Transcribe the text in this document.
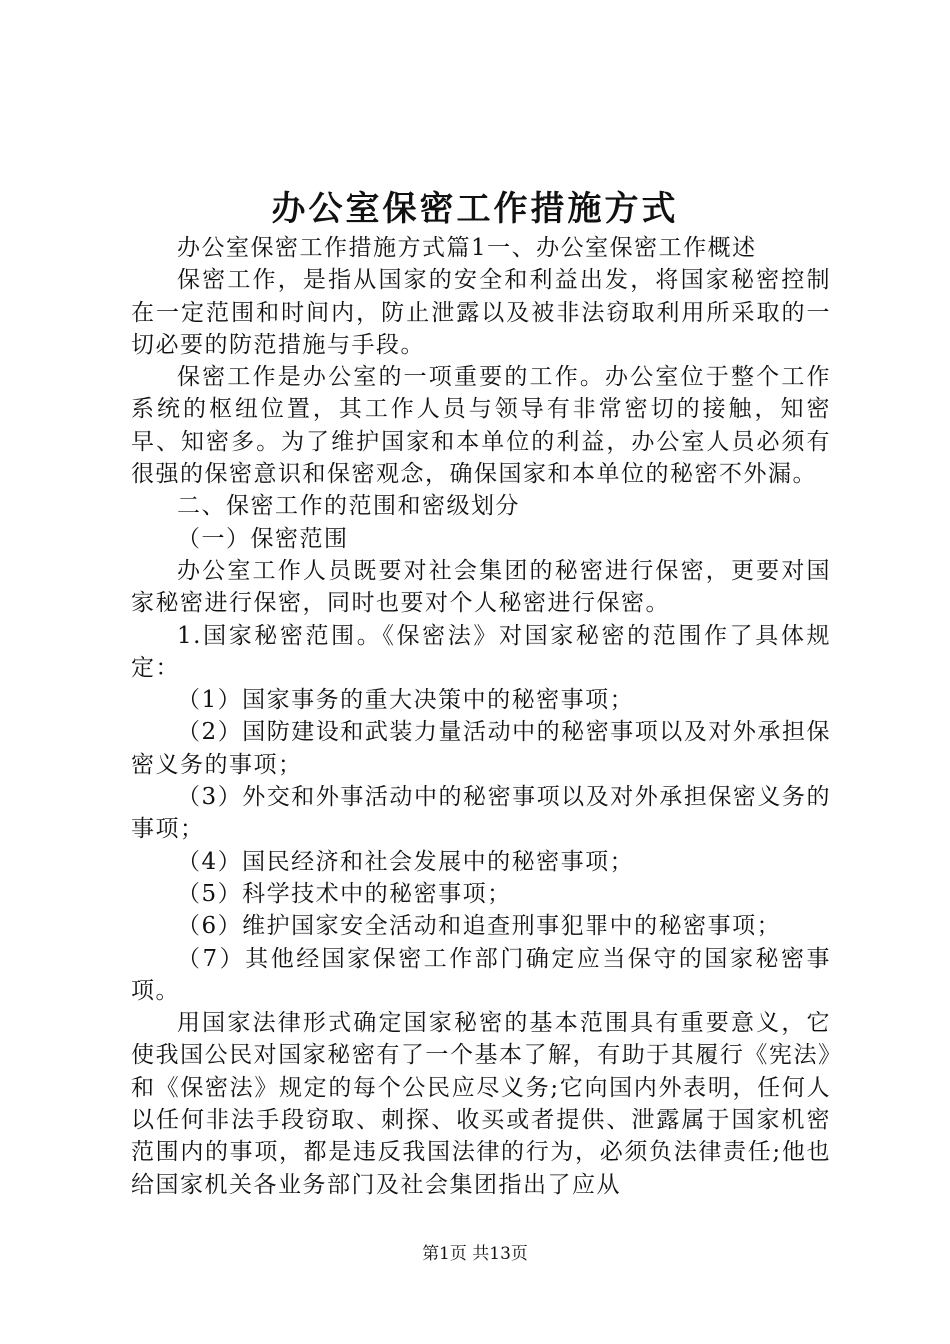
办公室保密工作措施方式

办公室保密工作措施方式篇1一、办公室保密工作概述

保密工作，是指从国家的安全和利益出发，将国家秘密控制在一定范围和时间内，防止泄露以及被非法窃取利用所采取的一切必要的防范措施与手段。

保密工作是办公室的一项重要的工作。办公室位于整个工作系统的枢纽位置，其工作人员与领导有非常密切的接触，知密早、知密多。为了维护国家和本单位的利益，办公室人员必须有很强的保密意识和保密观念，确保国家和本单位的秘密不外漏。

二、保密工作的范围和密级划分

（一）保密范围

办公室工作人员既要对社会集团的秘密进行保密，更要对国家秘密进行保密，同时也要对个人秘密进行保密。

1.国家秘密范围。《保密法》对国家秘密的范围作了具体规定：

（1）国家事务的重大决策中的秘密事项；

（2）国防建设和武装力量活动中的秘密事项以及对外承担保密义务的事项；

（3）外交和外事活动中的秘密事项以及对外承担保密义务的事项；

（4）国民经济和社会发展中的秘密事项；

（5）科学技术中的秘密事项；

（6）维护国家安全活动和追查刑事犯罪中的秘密事项；

（7）其他经国家保密工作部门确定应当保守的国家秘密事项。

用国家法律形式确定国家秘密的基本范围具有重要意义，它使我国公民对国家秘密有了一个基本了解，有助于其履行《宪法》和《保密法》规定的每个公民应尽义务;它向国内外表明，任何人以任何非法手段窃取、刺探、收买或者提供、泄露属于国家机密范围内的事项，都是违反我国法律的行为，必须负法律责任;他也给国家机关各业务部门及社会集团指出了应从

第1页 共13页
